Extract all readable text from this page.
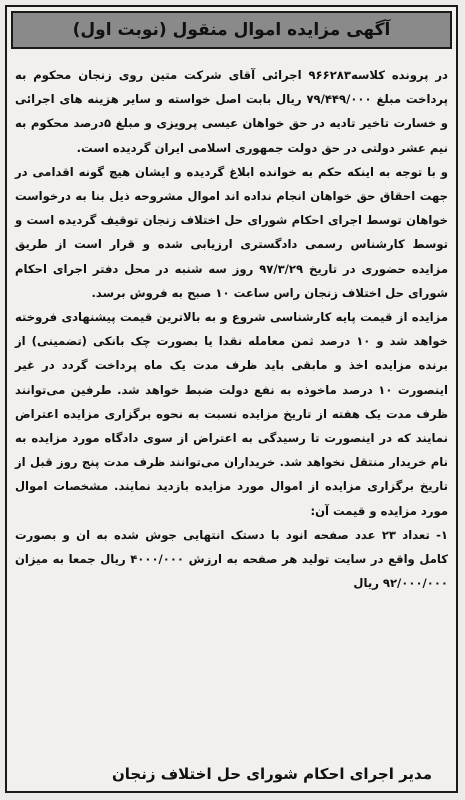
آگهی مزایده اموال منقول (نوبت اول)

در پرونده کلاسه۹۶۶۲۸۳ اجرائی آقای شرکت متین روی زنجان محکوم به پرداخت مبلغ ۷۹/۴۴۹/۰۰۰ ریال بابت اصل خواسته و سایر هزینه های اجرائی و خسارت تاخیر تادیه در حق خواهان عیسی پرویزی و مبلغ ۵درصد محکوم به نیم عشر دولتی در حق دولت جمهوری اسلامی ایران گردیده است.

و با توجه به اینکه حکم به خوانده ابلاغ گردیده و ایشان هیچ گونه اقدامی در جهت احقاق حق خواهان انجام نداده اند اموال مشروحه ذیل بنا به درخواست خواهان توسط اجرای احکام شورای حل اختلاف زنجان توقیف گردیده است و توسط کارشناس رسمی دادگستری ارزیابی شده و قرار است از طریق مزایده حضوری در تاریخ ۹۷/۳/۲۹ روز سه شنبه در محل دفتر اجرای احکام شورای حل اختلاف زنجان راس ساعت ۱۰ صبح به فروش برسد.

مزایده از قیمت پایه کارشناسی شروع و به بالاترین قیمت پیشنهادی فروخته خواهد شد و ۱۰ درصد ثمن معامله نقدا یا بصورت چک بانکی (تضمینی) از برنده مزایده اخذ و مابقی باید ظرف مدت یک ماه پرداخت گردد در غیر اینصورت ۱۰ درصد ماخوذه به نفع دولت ضبط خواهد شد. طرفین می‌توانند ظرف مدت یک هفته از تاریخ مزایده نسبت به نحوه برگزاری مزایده اعتراض نمایند که در اینصورت تا رسیدگی به اعتراض از سوی دادگاه مورد مزایده به نام خریدار منتقل نخواهد شد. خریداران می‌توانند ظرف مدت پنج روز قبل از تاریخ برگزاری مزایده از اموال مورد مزایده بازدید نمایند. مشخصات اموال مورد مزایده و قیمت آن:

۱- تعداد ۲۳ عدد صفحه انود با دستک انتهایی جوش شده به ان و بصورت کامل واقع در سایت تولید هر صفحه به ارزش ۴۰۰۰/۰۰۰ ریال جمعا به میزان ۹۲/۰۰۰/۰۰۰ ریال

مدیر اجرای احکام شورای حل اختلاف زنجان
